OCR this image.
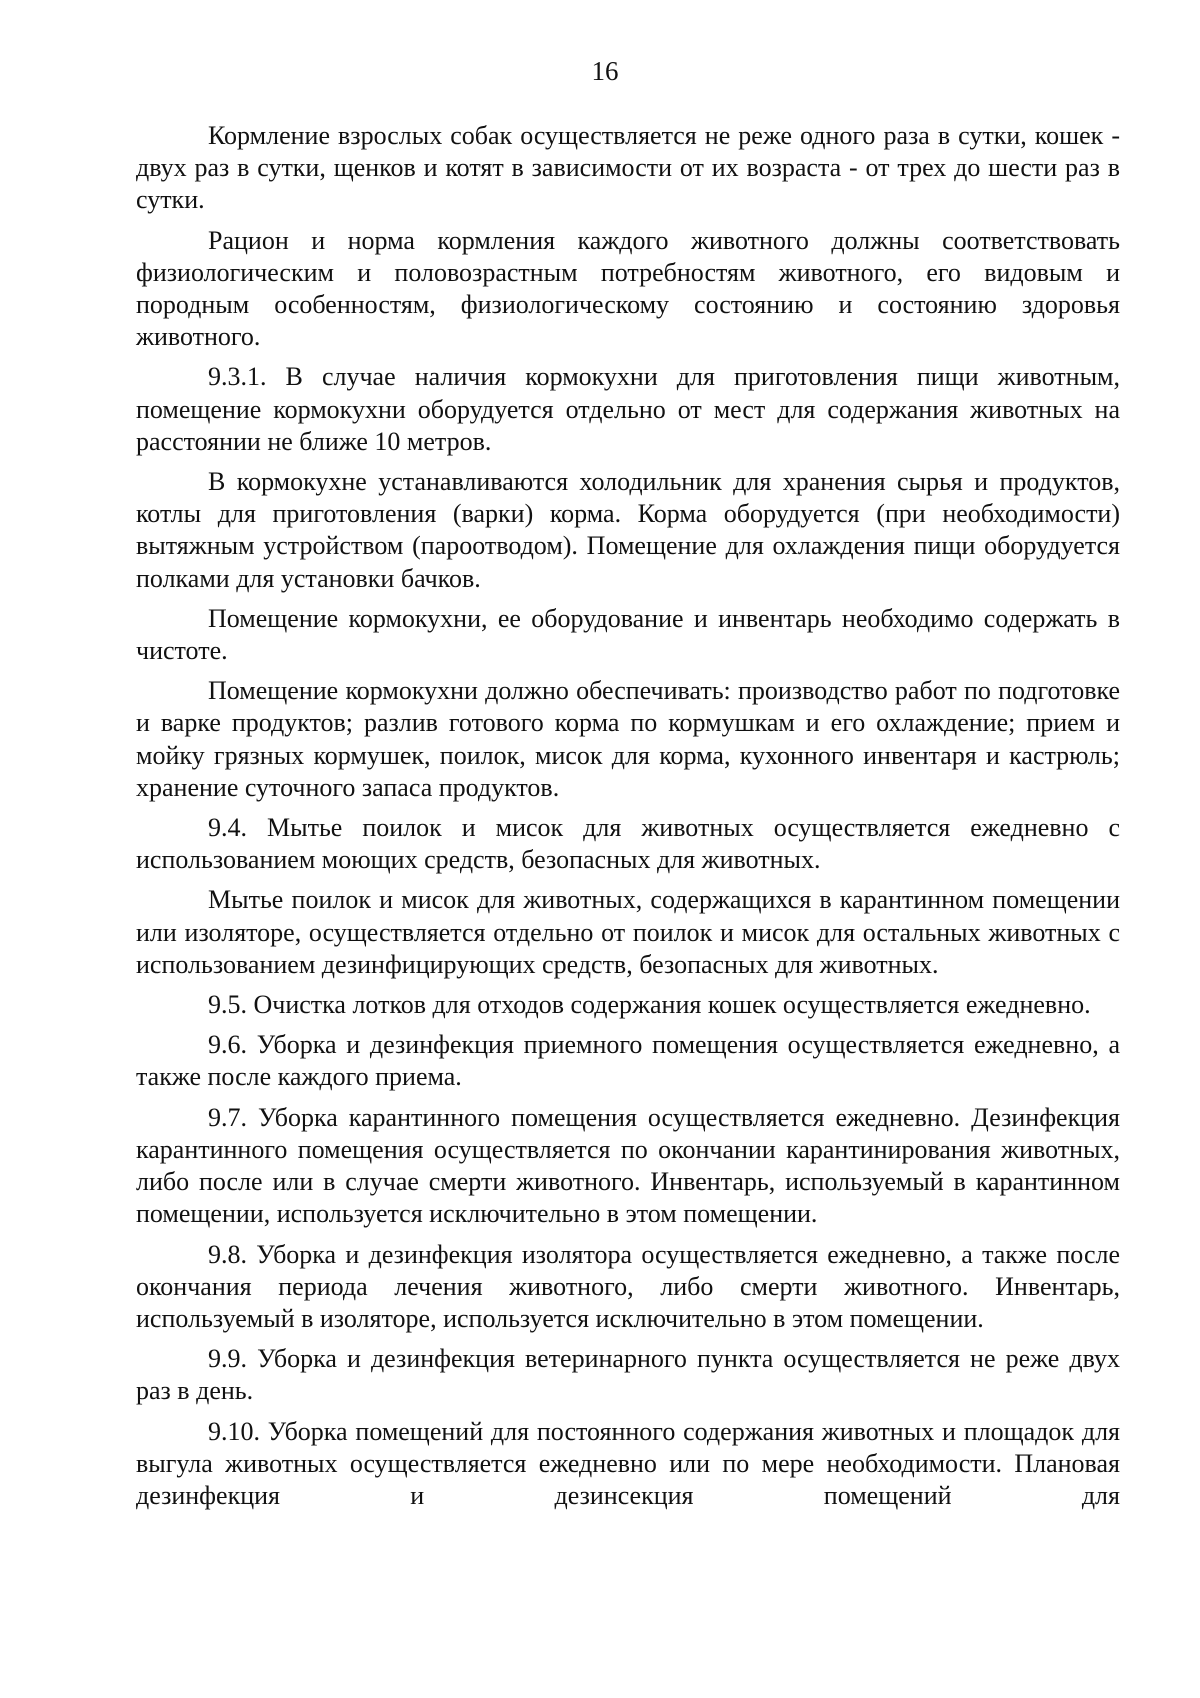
16

Кормление взрослых собак осуществляется не реже одного раза в сутки, кошек - двух раз в сутки, щенков и котят в зависимости от их возраста - от трех до шести раз в сутки.

Рацион и норма кормления каждого животного должны соответствовать физиологическим и половозрастным потребностям животного, его видовым и породным особенностям, физиологическому состоянию и состоянию здоровья животного.

9.3.1. В случае наличия кормокухни для приготовления пищи животным, помещение кормокухни оборудуется отдельно от мест для содержания животных на расстоянии не ближе 10 метров.

В кормокухне устанавливаются холодильник для хранения сырья и продуктов, котлы для приготовления (варки) корма. Корма оборудуется (при необходимости) вытяжным устройством (пароотводом). Помещение для охлаждения пищи оборудуется полками для установки бачков.

Помещение кормокухни, ее оборудование и инвентарь необходимо содержать в чистоте.

Помещение кормокухни должно обеспечивать: производство работ по подготовке и варке продуктов; разлив готового корма по кормушкам и его охлаждение; прием и мойку грязных кормушек, поилок, мисок для корма, кухонного инвентаря и кастрюль; хранение суточного запаса продуктов.

9.4. Мытье поилок и мисок для животных осуществляется ежедневно с использованием моющих средств, безопасных для животных.

Мытье поилок и мисок для животных, содержащихся в карантинном помещении или изоляторе, осуществляется отдельно от поилок и мисок для остальных животных с использованием дезинфицирующих средств, безопасных для животных.

9.5. Очистка лотков для отходов содержания кошек осуществляется ежедневно.

9.6. Уборка и дезинфекция приемного помещения осуществляется ежедневно, а также после каждого приема.

9.7. Уборка карантинного помещения осуществляется ежедневно. Дезинфекция карантинного помещения осуществляется по окончании карантинирования животных, либо после или в случае смерти животного. Инвентарь, используемый в карантинном помещении, используется исключительно в этом помещении.

9.8. Уборка и дезинфекция изолятора осуществляется ежедневно, а также после окончания периода лечения животного, либо смерти животного. Инвентарь, используемый в изоляторе, используется исключительно в этом помещении.

9.9. Уборка и дезинфекция ветеринарного пункта осуществляется не реже двух раз в день.

9.10. Уборка помещений для постоянного содержания животных и площадок для выгула животных осуществляется ежедневно или по мере необходимости. Плановая дезинфекция и дезинсекция помещений для
